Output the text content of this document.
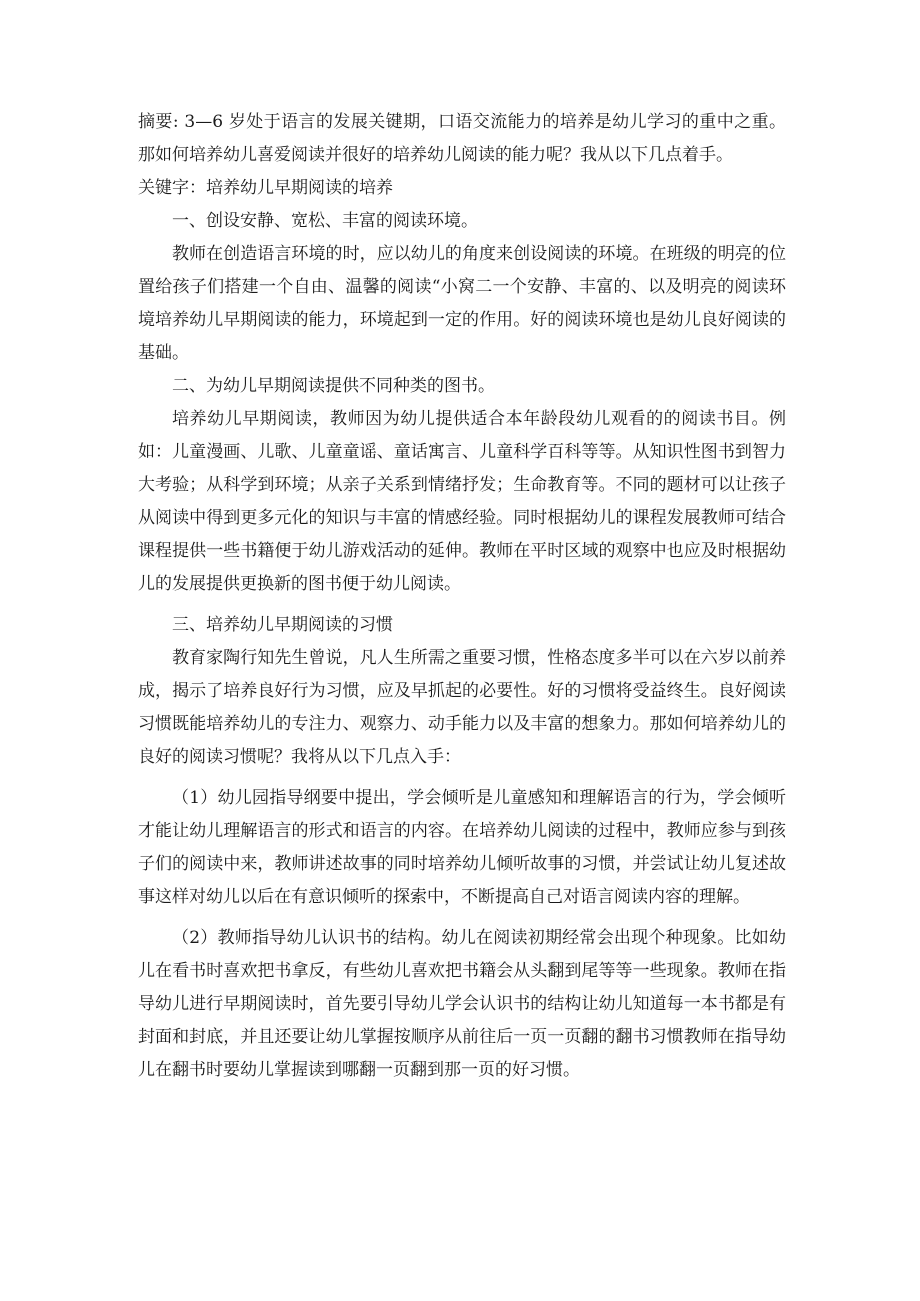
摘要: 3—6 岁处于语言的发展关键期，口语交流能力的培养是幼儿学习的重中之重。那如何培养幼儿喜爱阅读并很好的培养幼儿阅读的能力呢？我从以下几点着手。

关键字：培养幼儿早期阅读的培养

一、创设安静、宽松、丰富的阅读环境。

教师在创造语言环境的时，应以幼儿的角度来创设阅读的环境。在班级的明亮的位置给孩子们搭建一个自由、温馨的阅读“小窝二一个安静、丰富的、以及明亮的阅读环境培养幼儿早期阅读的能力，环境起到一定的作用。好的阅读环境也是幼儿良好阅读的基础。

二、为幼儿早期阅读提供不同种类的图书。

培养幼儿早期阅读，教师因为幼儿提供适合本年龄段幼儿观看的的阅读书目。例如：儿童漫画、儿歌、儿童童谣、童话寓言、儿童科学百科等等。从知识性图书到智力大考验；从科学到环境；从亲子关系到情绪抒发；生命教育等。不同的题材可以让孩子从阅读中得到更多元化的知识与丰富的情感经验。同时根据幼儿的课程发展教师可结合课程提供一些书籍便于幼儿游戏活动的延伸。教师在平时区域的观察中也应及时根据幼儿的发展提供更换新的图书便于幼儿阅读。

三、培养幼儿早期阅读的习惯

教育家陶行知先生曾说，凡人生所需之重要习惯，性格态度多半可以在六岁以前养成，揭示了培养良好行为习惯，应及早抓起的必要性。好的习惯将受益终生。良好阅读习惯既能培养幼儿的专注力、观察力、动手能力以及丰富的想象力。那如何培养幼儿的良好的阅读习惯呢？我将从以下几点入手：

（1）幼儿园指导纲要中提出，学会倾听是儿童感知和理解语言的行为，学会倾听才能让幼儿理解语言的形式和语言的内容。在培养幼儿阅读的过程中，教师应参与到孩子们的阅读中来，教师讲述故事的同时培养幼儿倾听故事的习惯，并尝试让幼儿复述故事这样对幼儿以后在有意识倾听的探索中，不断提高自己对语言阅读内容的理解。

（2）教师指导幼儿认识书的结构。幼儿在阅读初期经常会出现个种现象。比如幼儿在看书时喜欢把书拿反，有些幼儿喜欢把书籍会从头翻到尾等等一些现象。教师在指导幼儿进行早期阅读时，首先要引导幼儿学会认识书的结构让幼儿知道每一本书都是有封面和封底，并且还要让幼儿掌握按顺序从前往后一页一页翻的翻书习惯教师在指导幼儿在翻书时要幼儿掌握读到哪翻一页翻到那一页的好习惯。
